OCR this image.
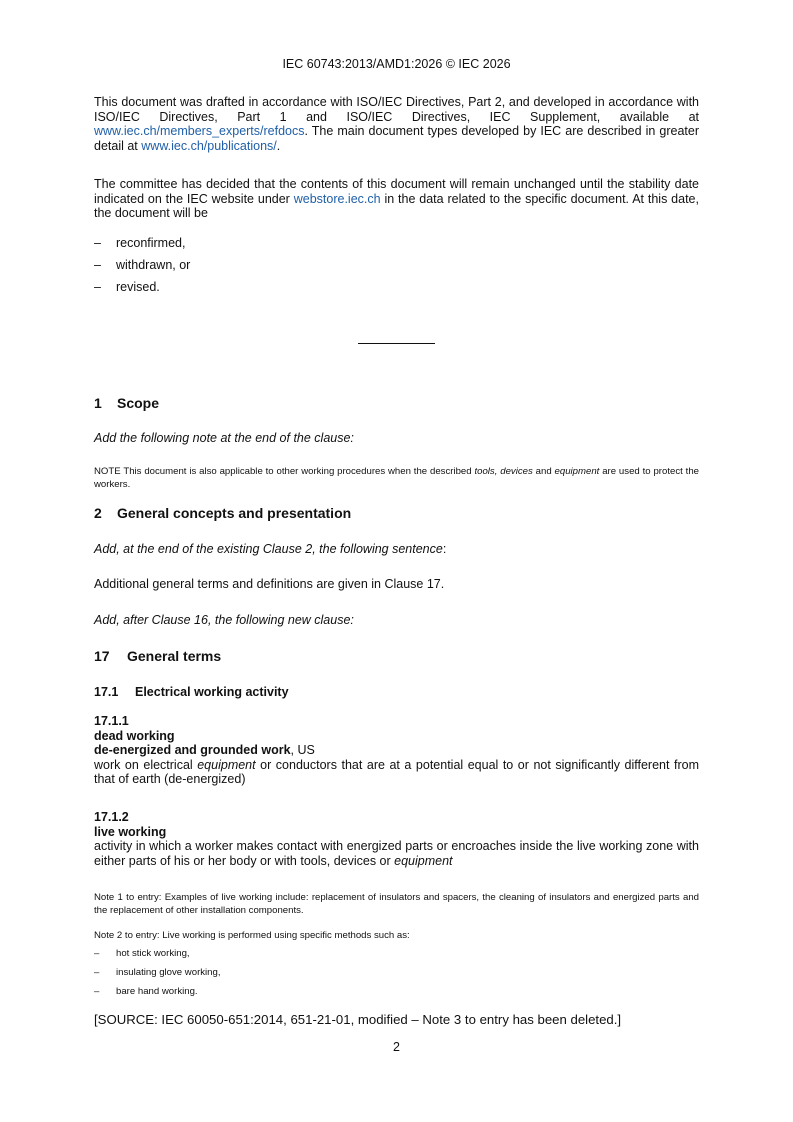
IEC 60743:2013/AMD1:2026 © IEC 2026

This document was drafted in accordance with ISO/IEC Directives, Part 2, and developed in accordance with ISO/IEC Directives, Part 1 and ISO/IEC Directives, IEC Supplement, available at www.iec.ch/members_experts/refdocs. The main document types developed by IEC are described in greater detail at www.iec.ch/publications/.

The committee has decided that the contents of this document will remain unchanged until the stability date indicated on the IEC website under webstore.iec.ch in the data related to the specific document. At this date, the document will be

– reconfirmed,
– withdrawn, or
– revised.
1 Scope

Add the following note at the end of the clause:

NOTE This document is also applicable to other working procedures when the described tools, devices and equipment are used to protect the workers.

2 General concepts and presentation

Add, at the end of the existing Clause 2, the following sentence:

Additional general terms and definitions are given in Clause 17.

Add, after Clause 16, the following new clause:

17 General terms
17.1 Electrical working activity
17.1.1
dead working
de-energized and grounded work, US

work on electrical equipment or conductors that are at a potential equal to or not significantly different from that of earth (de-energized)

17.1.2
live working

activity in which a worker makes contact with energized parts or encroaches inside the live working zone with either parts of his or her body or with tools, devices or equipment

Note 1 to entry: Examples of live working include: replacement of insulators and spacers, the cleaning of insulators and energized parts and the replacement of other installation components.

Note 2 to entry: Live working is performed using specific methods such as:

– hot stick working,
– insulating glove working,
– bare hand working.

[SOURCE: IEC 60050-651:2014, 651-21-01, modified – Note 3 to entry has been deleted.]

2
